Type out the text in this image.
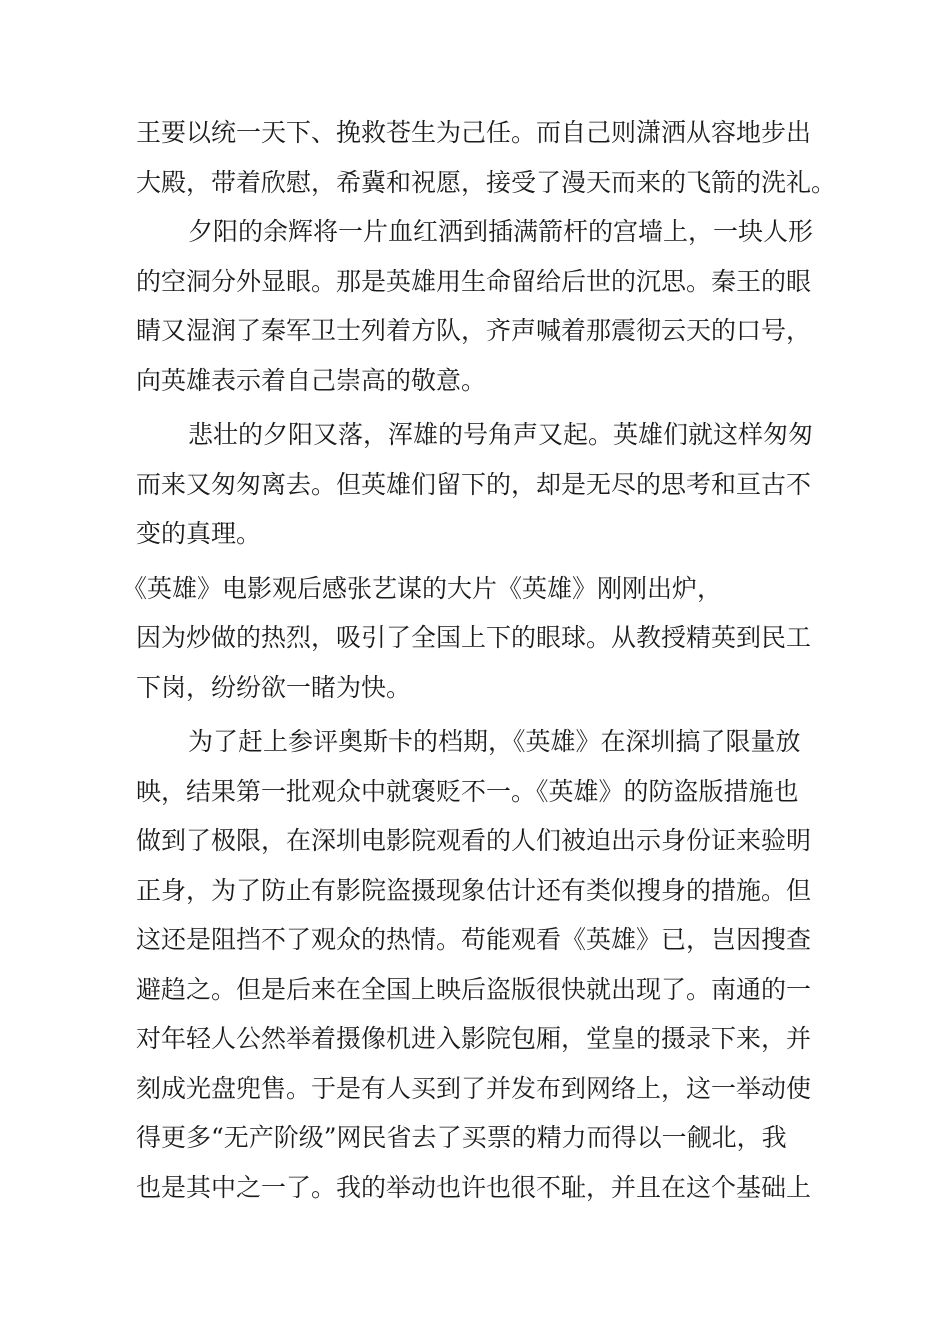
王要以统一天下、挽救苍生为己任。而自己则潇洒从容地步出
大殿，带着欣慰，希冀和祝愿，接受了漫天而来的飞箭的洗礼。
夕阳的余辉将一片血红洒到插满箭杆的宫墙上，一块人形
的空洞分外显眼。那是英雄用生命留给后世的沉思。秦王的眼
睛又湿润了秦军卫士列着方队，齐声喊着那震彻云天的口号，
向英雄表示着自己崇高的敬意。
悲壮的夕阳又落，浑雄的号角声又起。英雄们就这样匆匆
而来又匆匆离去。但英雄们留下的，却是无尽的思考和亘古不
变的真理。
《英雄》电影观后感张艺谋的大片《英雄》刚刚出炉，
因为炒做的热烈，吸引了全国上下的眼球。从教授精英到民工
下岗，纷纷欲一睹为快。
为了赶上参评奥斯卡的档期，《英雄》在深圳搞了限量放
映，结果第一批观众中就褒贬不一。《英雄》的防盗版措施也
做到了极限，在深圳电影院观看的人们被迫出示身份证来验明
正身，为了防止有影院盗摄现象估计还有类似搜身的措施。但
这还是阻挡不了观众的热情。苟能观看《英雄》已，岂因搜查
避趋之。但是后来在全国上映后盗版很快就出现了。南通的一
对年轻人公然举着摄像机进入影院包厢，堂皇的摄录下来，并
刻成光盘兜售。于是有人买到了并发布到网络上，这一举动使
得更多“无产阶级”网民省去了买票的精力而得以一觎北，我
也是其中之一了。我的举动也许也很不耻，并且在这个基础上
